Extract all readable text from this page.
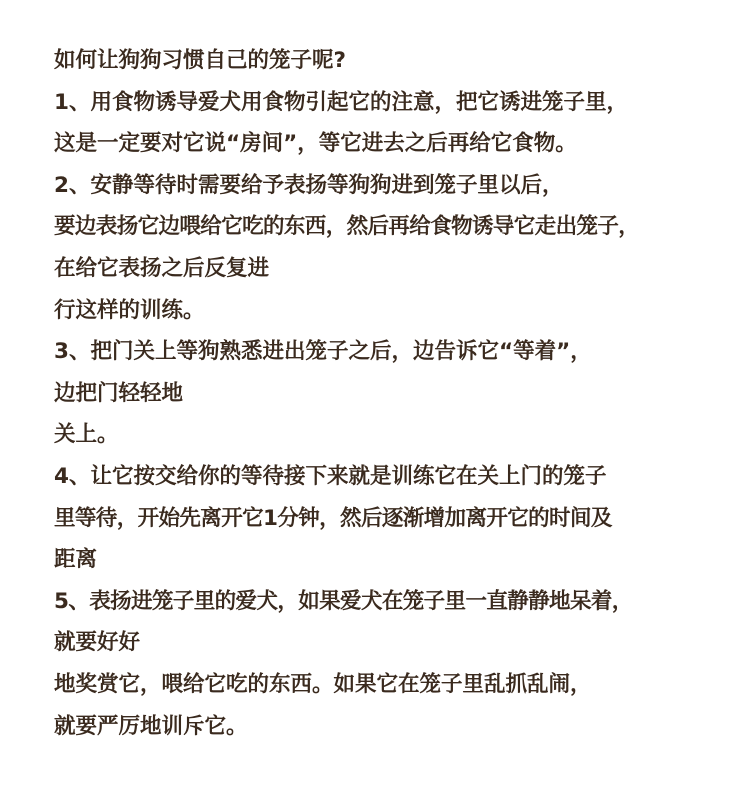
如何让狗狗习惯自己的笼子呢?
1、用食物诱导爱犬用食物引起它的注意，把它诱进笼子里，
这是一定要对它说“房间”，等它进去之后再给它食物。
2、安静等待时需要给予表扬等狗狗进到笼子里以后，
要边表扬它边喂给它吃的东西，然后再给食物诱导它走出笼子，
在给它表扬之后反复进
行这样的训练。
3、把门关上等狗熟悉进出笼子之后，边告诉它“等着”，
边把门轻轻地
关上。
4、让它按交给你的等待接下来就是训练它在关上门的笼子
里等待，开始先离开它1分钟，然后逐渐增加离开它的时间及
距离
5、表扬进笼子里的爱犬，如果爱犬在笼子里一直静静地呆着，
就要好好
地奖赏它，喂给它吃的东西。如果它在笼子里乱抓乱闹，
就要严厉地训斥它。
